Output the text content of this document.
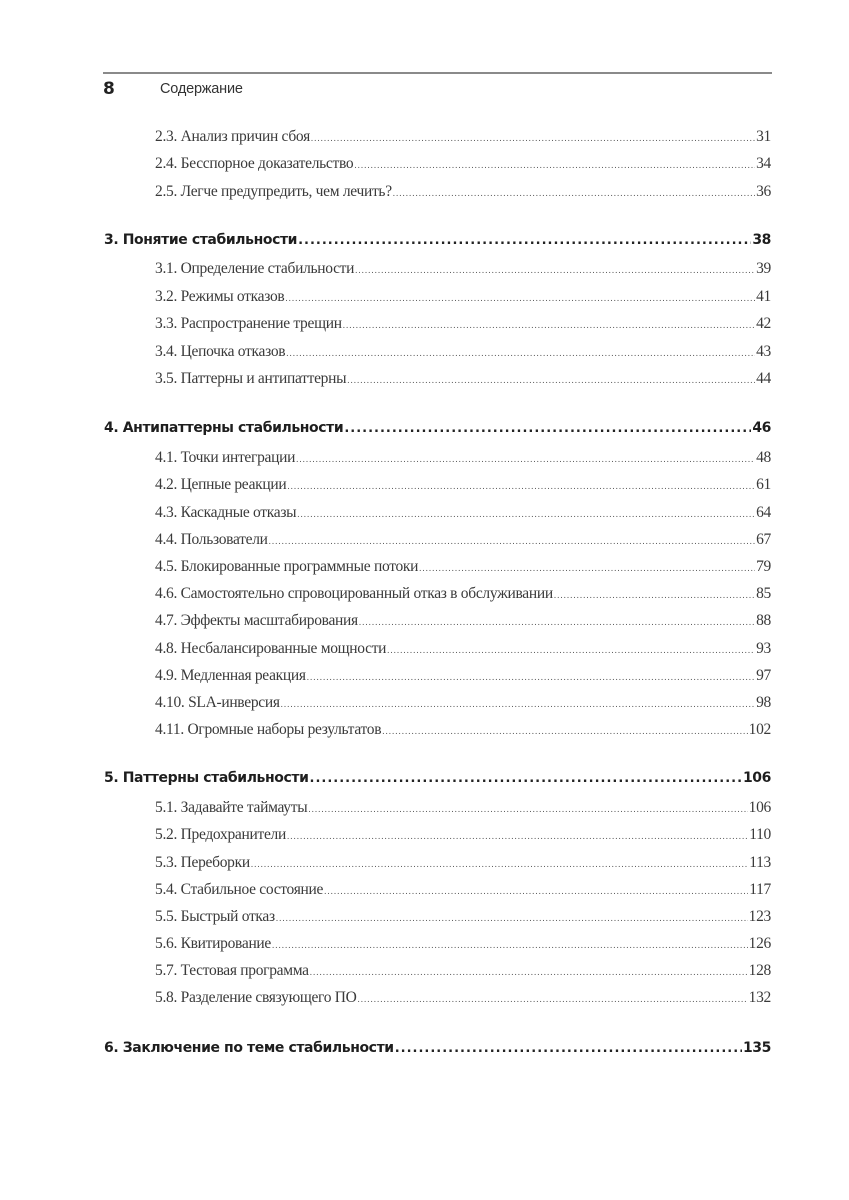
8	Содержание
2.3. Анализ причин сбоя .....	31
2.4. Бесспорное доказательство .....	34
2.5. Легче предупредить, чем лечить? .....	36
3. Понятие стабильности .....	38
3.1. Определение стабильности .....	39
3.2. Режимы отказов .....	41
3.3. Распространение трещин .....	42
3.4. Цепочка отказов .....	43
3.5. Паттерны и антипаттерны .....	44
4. Антипаттерны стабильности .....	46
4.1. Точки интеграции .....	48
4.2. Цепные реакции .....	61
4.3. Каскадные отказы .....	64
4.4. Пользователи .....	67
4.5. Блокированные программные потоки .....	79
4.6. Самостоятельно спровоцированный отказ в обслуживании .....	85
4.7. Эффекты масштабирования .....	88
4.8. Несбалансированные мощности .....	93
4.9. Медленная реакция .....	97
4.10. SLA-инверсия .....	98
4.11. Огромные наборы результатов .....	102
5. Паттерны стабильности .....	106
5.1. Задавайте таймауты .....	106
5.2. Предохранители .....	110
5.3. Переборки .....	113
5.4. Стабильное состояние .....	117
5.5. Быстрый отказ .....	123
5.6. Квитирование .....	126
5.7. Тестовая программа .....	128
5.8. Разделение связующего ПО .....	132
6. Заключение по теме стабильности .....	135
